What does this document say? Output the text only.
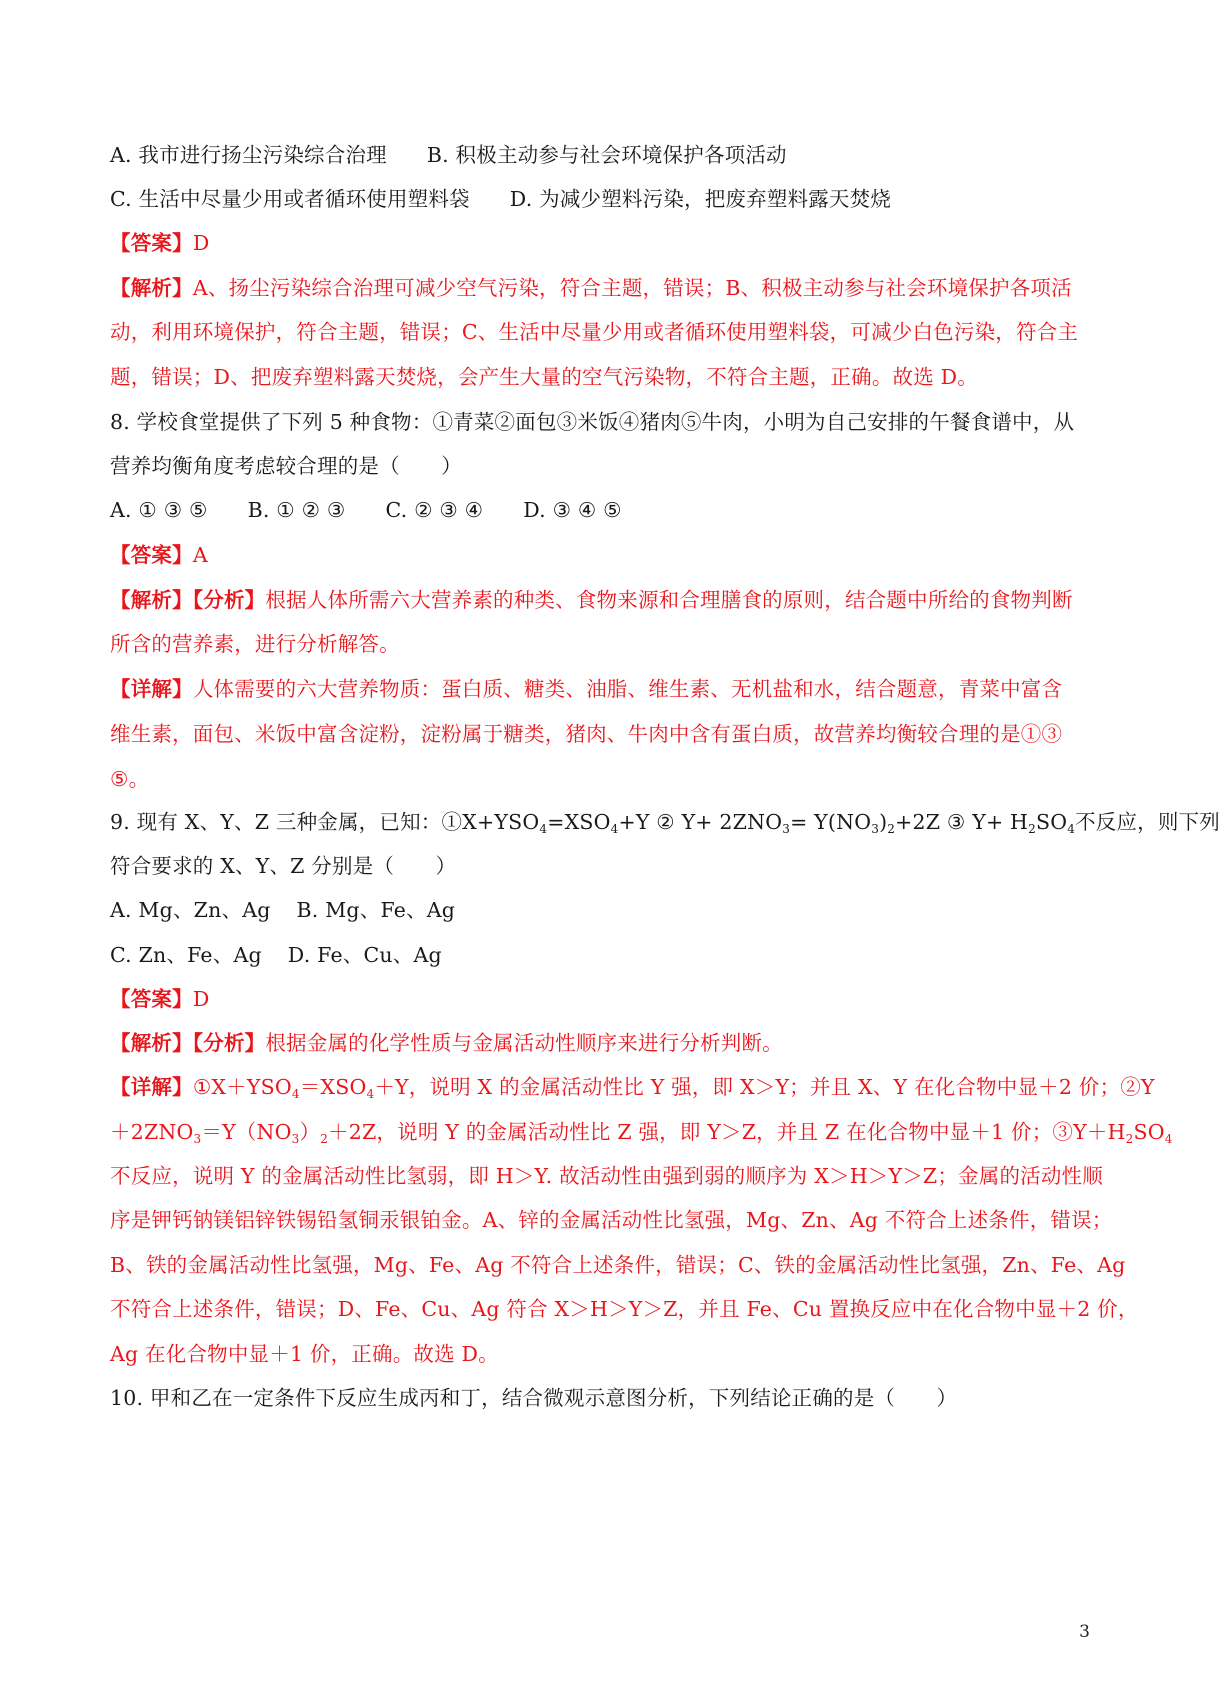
A. 我市进行扬尘污染综合治理 B. 积极主动参与社会环境保护各项活动
C. 生活中尽量少用或者循环使用塑料袋 D. 为减少塑料污染，把废弃塑料露天焚烧
【答案】D
【解析】A、扬尘污染综合治理可减少空气污染，符合主题，错误；B、积极主动参与社会环境保护各项活
动，利用环境保护，符合主题，错误；C、生活中尽量少用或者循环使用塑料袋，可减少白色污染，符合主
题，错误；D、把废弃塑料露天焚烧，会产生大量的空气污染物，不符合主题，正确。故选 D。
8. 学校食堂提供了下列 5 种食物：①青菜②面包③米饭④猪肉⑤牛肉，小明为自己安排的午餐食谱中，从
营养均衡角度考虑较合理的是（　　）
A. ① ③ ⑤ B. ① ② ③ C. ② ③ ④ D. ③ ④ ⑤
【答案】A
【解析】【分析】根据人体所需六大营养素的种类、食物来源和合理膳食的原则，结合题中所给的食物判断
所含的营养素，进行分析解答。
【详解】人体需要的六大营养物质：蛋白质、糖类、油脂、维生素、无机盐和水，结合题意，青菜中富含
维生素，面包、米饭中富含淀粉，淀粉属于糖类，猪肉、牛肉中含有蛋白质，故营养均衡较合理的是①③
⑤。
9. 现有 X、Y、Z 三种金属，已知：$①X+YSO_4=XSO_4+Y$ ② $Y+ 2ZNO_3= Y(NO_3)_2+2Z$ ③ $Y+ H_2SO_4$不反应，则下列
符合要求的 X、Y、Z 分别是（　　）
A. Mg、Zn、Ag B. Mg、Fe、Ag
C. Zn、Fe、Ag D. Fe、Cu、Ag
【答案】D
【解析】【分析】根据金属的化学性质与金属活动性顺序来进行分析判断。
【详解】$①X+YSO_4=XSO_4+Y$，说明 X 的金属活动性比 Y 强，即 X＞Y；并且 X、Y 在化合物中显＋2 价；②Y
$+2ZNO_3=Y(NO_3)_2+2Z$，说明 Y 的金属活动性比 Z 强，即 Y＞Z，并且 Z 在化合物中显＋1 价；$③Y+H_2SO_4$
不反应，说明 Y 的金属活动性比氢弱，即 H＞Y. 故活动性由强到弱的顺序为 X＞H＞Y＞Z；金属的活动性顺
序是钾钙钠镁铝锌铁锡铅氢铜汞银铂金。A、锌的金属活动性比氢强，Mg、Zn、Ag 不符合上述条件，错误；
B、铁的金属活动性比氢强，Mg、Fe、Ag 不符合上述条件，错误；C、铁的金属活动性比氢强，Zn、Fe、Ag
不符合上述条件，错误；D、Fe、Cu、Ag 符合 X＞H＞Y＞Z，并且 Fe、Cu 置换反应中在化合物中显＋2 价，
Ag 在化合物中显＋1 价，正确。故选 D。
10. 甲和乙在一定条件下反应生成丙和丁，结合微观示意图分析，下列结论正确的是（　　）
3
